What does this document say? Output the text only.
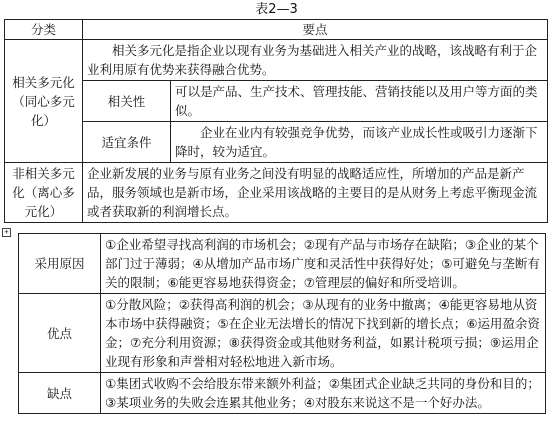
表2—3
分类	要点	
相关多元化（同心多元化）	相关多元化是指企业以现有业务为基础进入相关产业的战略，该战略有利于企业利用原有优势来获得融合优势。	
	相关性	可以是产品、生产技术、管理技能、营销技能以及用户等方面的类似。
	适宜条件	企业在业内有较强竞争优势，而该产业成长性或吸引力逐渐下降时，较为适宜。
非相关多元化（离心多元化）	企业新发展的业务与原有业务之间没有明显的战略适应性，所增加的产品是新产品，服务领域也是新市场，企业采用该战略的主要目的是从财务上考虑平衡现金流或者获取新的利润增长点。	
+
采用原因	①企业希望寻找高利润的市场机会；②现有产品与市场存在缺陷；③企业的某个部门过于薄弱；④从增加产品市场广度和灵活性中获得好处；⑤可避免与垄断有关的限制；⑥能更容易地获得资金；⑦管理层的偏好和所受培训。
优点	①分散风险；②获得高利润的机会；③从现有的业务中撤离；④能更容易地从资本市场中获得融资；⑤在企业无法增长的情况下找到新的增长点；⑥运用盈余资金；⑦充分利用资源；⑧获得资金或其他财务利益，如累计税项亏损；⑨运用企业现有形象和声誉相对轻松地进入新市场。
缺点	①集团式收购不会给股东带来额外利益；②集团式企业缺乏共同的身份和目的；③某项业务的失败会连累其他业务；④对股东来说这不是一个好办法。
